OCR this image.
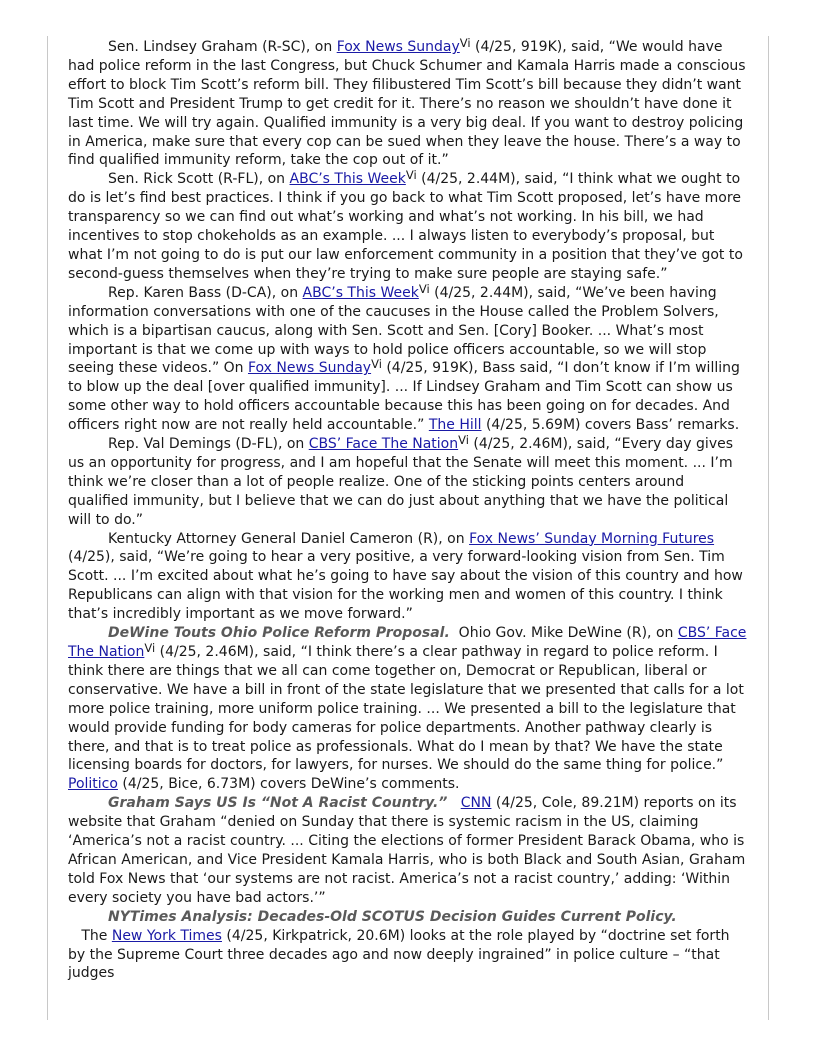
Sen. Lindsey Graham (R-SC), on Fox News Sunday$^{Vi}$ (4/25, 919K), said, “We would have had police reform in the last Congress, but Chuck Schumer and Kamala Harris made a conscious effort to block Tim Scott’s reform bill. They filibustered Tim Scott’s bill because they didn’t want Tim Scott and President Trump to get credit for it. There’s no reason we shouldn’t have done it last time. We will try again. Qualified immunity is a very big deal. If you want to destroy policing in America, make sure that every cop can be sued when they leave the house. There’s a way to find qualified immunity reform, take the cop out of it.”

Sen. Rick Scott (R-FL), on ABC’s This Week$^{Vi}$ (4/25, 2.44M), said, “I think what we ought to do is let’s find best practices. I think if you go back to what Tim Scott proposed, let’s have more transparency so we can find out what’s working and what’s not working. In his bill, we had incentives to stop chokeholds as an example. ... I always listen to everybody’s proposal, but what I’m not going to do is put our law enforcement community in a position that they’ve got to second-guess themselves when they’re trying to make sure people are staying safe.”

Rep. Karen Bass (D-CA), on ABC’s This Week$^{Vi}$ (4/25, 2.44M), said, “We’ve been having information conversations with one of the caucuses in the House called the Problem Solvers, which is a bipartisan caucus, along with Sen. Scott and Sen. [Cory] Booker. ... What’s most important is that we come up with ways to hold police officers accountable, so we will stop seeing these videos.” On Fox News Sunday$^{Vi}$ (4/25, 919K), Bass said, “I don’t know if I’m willing to blow up the deal [over qualified immunity]. ... If Lindsey Graham and Tim Scott can show us some other way to hold officers accountable because this has been going on for decades. And officers right now are not really held accountable.” The Hill (4/25, 5.69M) covers Bass’ remarks.

Rep. Val Demings (D-FL), on CBS’ Face The Nation$^{Vi}$ (4/25, 2.46M), said, “Every day gives us an opportunity for progress, and I am hopeful that the Senate will meet this moment. ... I’m think we’re closer than a lot of people realize. One of the sticking points centers around qualified immunity, but I believe that we can do just about anything that we have the political will to do.”

Kentucky Attorney General Daniel Cameron (R), on Fox News’ Sunday Morning Futures (4/25), said, “We’re going to hear a very positive, a very forward-looking vision from Sen. Tim Scott. ... I’m excited about what he’s going to have say about the vision of this country and how Republicans can align with that vision for the working men and women of this country. I think that’s incredibly important as we move forward.”

DeWine Touts Ohio Police Reform Proposal.  Ohio Gov. Mike DeWine (R), on CBS’ Face The Nation$^{Vi}$ (4/25, 2.46M), said, “I think there’s a clear pathway in regard to police reform. I think there are things that we all can come together on, Democrat or Republican, liberal or conservative. We have a bill in front of the state legislature that we presented that calls for a lot more police training, more uniform police training. ... We presented a bill to the legislature that would provide funding for body cameras for police departments. Another pathway clearly is there, and that is to treat police as professionals. What do I mean by that? We have the state licensing boards for doctors, for lawyers, for nurses. We should do the same thing for police.” Politico (4/25, Bice, 6.73M) covers DeWine’s comments.

Graham Says US Is “Not A Racist Country.” CNN (4/25, Cole, 89.21M) reports on its website that Graham “denied on Sunday that there is systemic racism in the US, claiming ‘America’s not a racist country. ... Citing the elections of former President Barack Obama, who is African American, and Vice President Kamala Harris, who is both Black and South Asian, Graham told Fox News that ‘our systems are not racist. America’s not a racist country,’ adding: ‘Within every society you have bad actors.’”

NYTimes Analysis: Decades-Old SCOTUS Decision Guides Current Policy.   The New York Times (4/25, Kirkpatrick, 20.6M) looks at the role played by “doctrine set forth by the Supreme Court three decades ago and now deeply ingrained” in police culture – “that judges
